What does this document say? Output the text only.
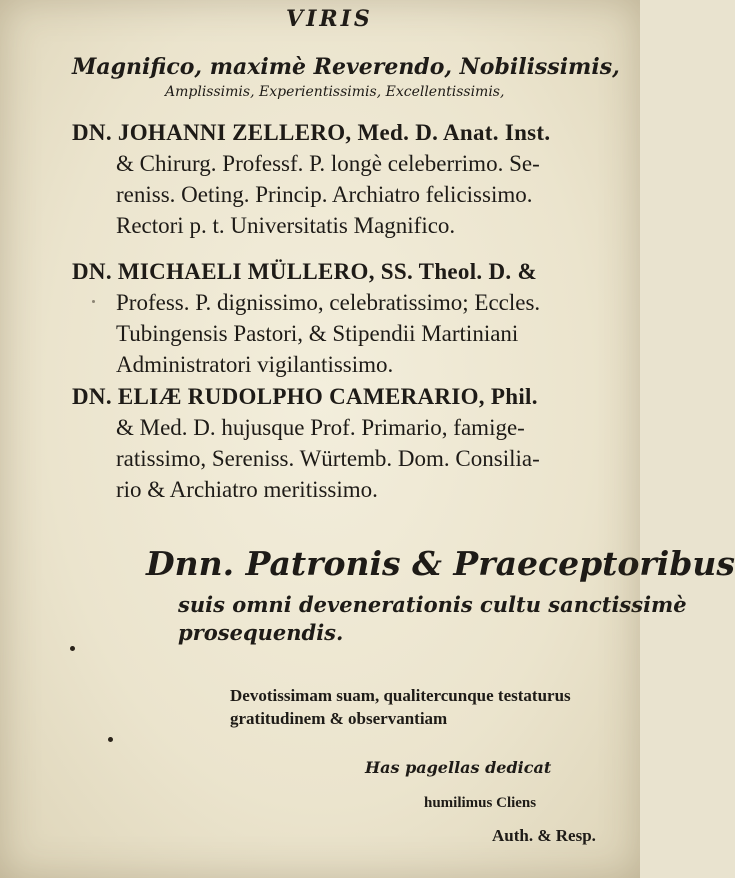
VIRIS
Magnifico, maximè Reverendo, Nobilissimis,
Amplissimis, Experientissimis, Excellentissimis,
DN. JOHANNI ZELLERO, Med. D. Anat. Inst.
& Chirurg. Professf. P. longè celeberrimo. Se-
reniss. Oeting. Princip. Archiatro felicissimo.
Rectori p. t. Universitatis Magnifico.
DN. MICHAELI MÜLLERO, SS. Theol. D. &
Profess. P. dignissimo, celebratissimo; Eccles.
Tubingensis Pastori, & Stipendii Martiniani
Administratori vigilantissimo.
DN. ELIÆ RUDOLPHO CAMERARIO, Phil.
& Med. D. hujusque Prof. Primario, famige-
ratissimo, Sereniss. Würtemb. Dom. Consilia-
rio & Archiatro meritissimo.
Dnn. Patronis & Praeceptoribus
suis omni devenerationis cultu sanctissimè
prosequendis.
Devotissimam suam, qualitercunque testaturus
gratitudinem & observantiam
Has pagellas dedicat
humilimus Cliens
Auth. & Resp.
